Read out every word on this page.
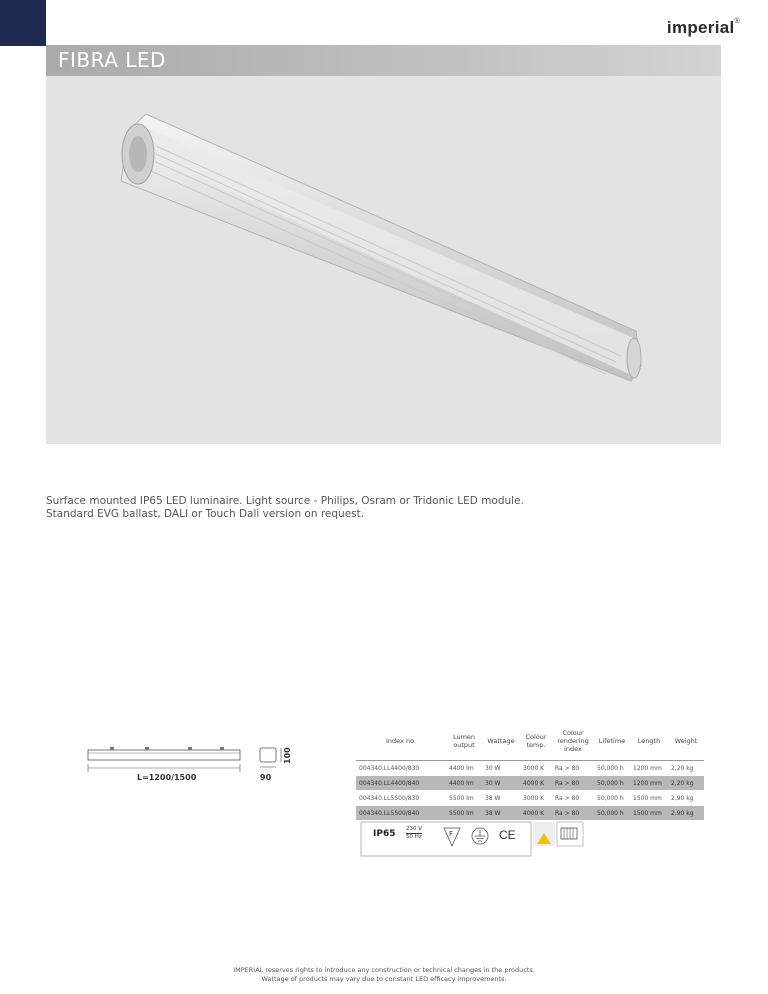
imperial®
FIBRA LED
Surface mounted IP65 LED luminaire. Light source - Philips, Osram or Tridonic LED module.
Standard EVG ballast, DALI or Touch Dali version on request.
L=1200/1500	90
100
Index no.	Lumen output	Wattage	Colour temp.	Colour rendering index	Lifetime	Length	Weight
004340.LL4400/830	4400 lm	30 W	3000 K	Ra > 80	50,000 h	1200 mm	2,20 kg
004340.LL4400/840	4400 lm	30 W	4000 K	Ra > 80	50,000 h	1200 mm	2,20 kg
004340.LL5500/830	5500 lm	38 W	3000 K	Ra > 80	50,000 h	1500 mm	2,90 kg
004340.LL5500/840	5500 lm	38 W	4000 K	Ra > 80	50,000 h	1500 mm	2,90 kg
IP65 230 V
50 Hz	F	CE
IMPERIAL reserves rights to introduce any construction or technical changes in the products.
Wattage of products may vary due to constant LED efficacy improvements.
